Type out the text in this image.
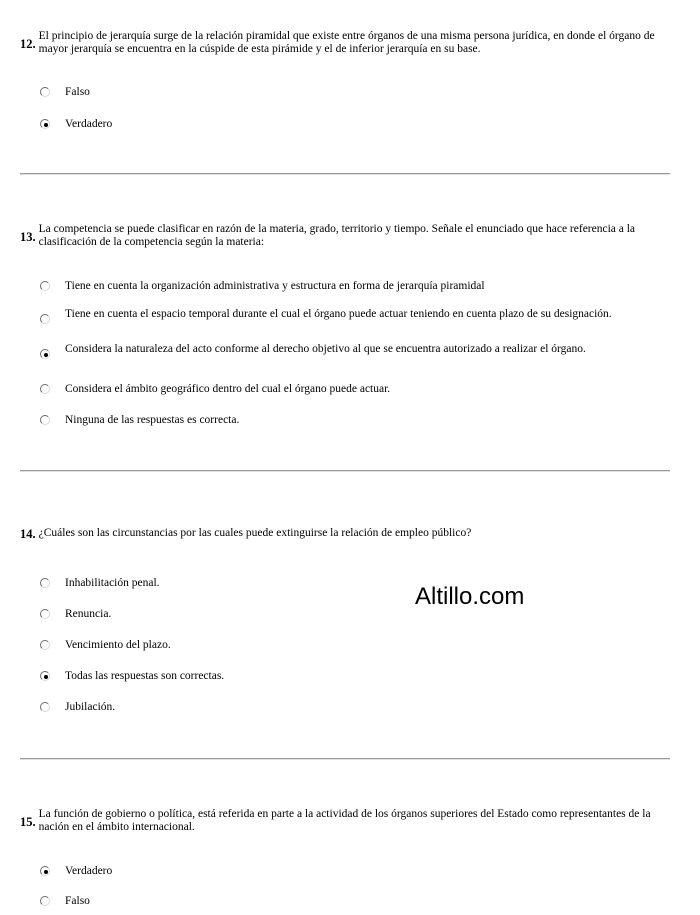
12.
El principio de jerarquía surge de la relación piramidal que existe entre órganos de una misma persona jurídica, en donde el órgano de mayor jerarquía se encuentra en la cúspide de esta pirámide y el de inferior jerarquía en su base.
Falso
Verdadero
13.
La competencia se puede clasificar en razón de la materia, grado, territorio y tiempo. Señale el enunciado que hace referencia a la clasificación de la competencia según la materia:
Tiene en cuenta la organización administrativa y estructura en forma de jerarquía piramidal
Tiene en cuenta el espacio temporal durante el cual el órgano puede actuar teniendo en cuenta plazo de su designación.
Considera la naturaleza del acto conforme al derecho objetivo al que se encuentra autorizado a realizar el órgano.
Considera el ámbito geográfico dentro del cual el órgano puede actuar.
Ninguna de las respuestas es correcta.
14. ¿Cuáles son las circunstancias por las cuales puede extinguirse la relación de empleo público?
Inhabilitación penal.
Renuncia.
Vencimiento del plazo.
Todas las respuestas son correctas.
Jubilación.
Altillo.com
15.
La función de gobierno o política, está referida en parte a la actividad de los órganos superiores del Estado como representantes de la nación en el ámbito internacional.
Verdadero
Falso
